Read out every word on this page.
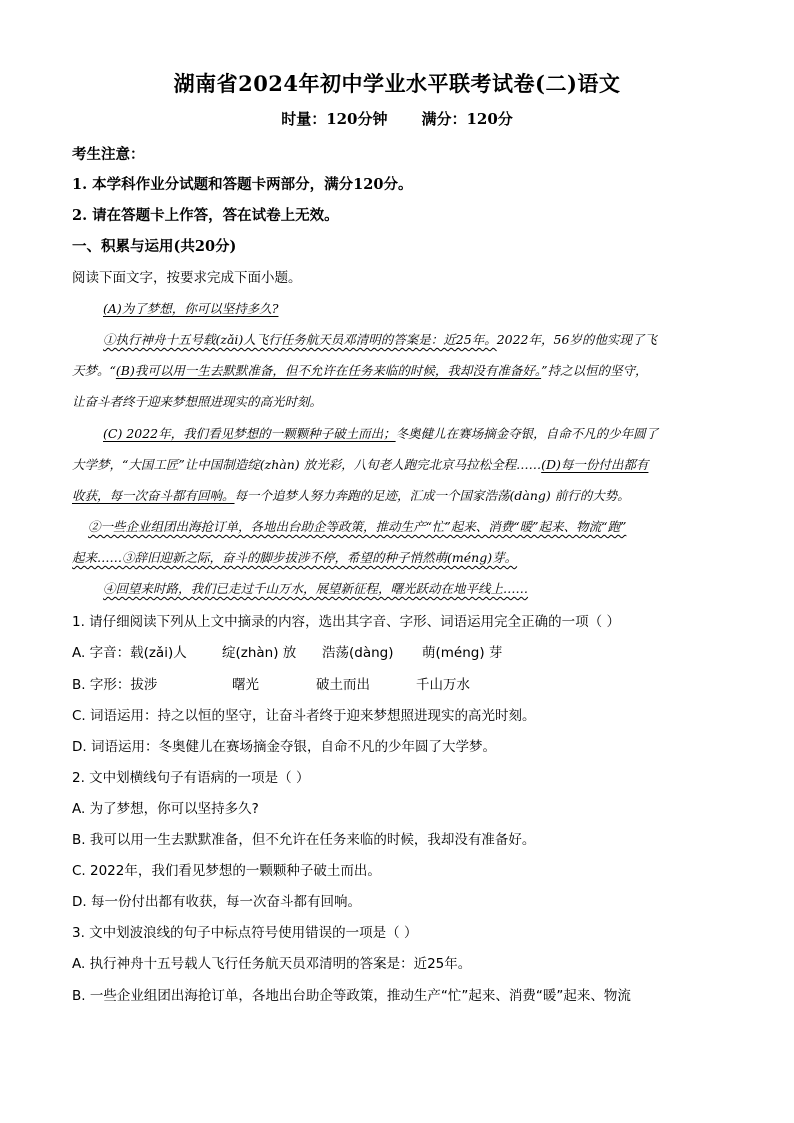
湖南省2024年初中学业水平联考试卷(二)语文
时量：120分钟 满分：120分
考生注意：
1. 本学科作业分试题和答题卡两部分，满分120分。
2. 请在答题卡上作答，答在试卷上无效。
一、积累与运用(共20分)
阅读下面文字，按要求完成下面小题。
(A)为了梦想，你可以坚持多久?
①执行神舟十五号载(zǎi)人飞行任务航天员邓清明的答案是：近25年。2022年，56岁的他实现了飞
天梦。“(B)我可以用一生去默默准备，但不允许在任务来临的时候，我却没有准备好。”持之以恒的坚守，
让奋斗者终于迎来梦想照进现实的高光时刻。
(C) 2022年，我们看见梦想的一颗颗种子破土而出；冬奥健儿在赛场摘金夺银，自命不凡的少年圆了
大学梦，“大国工匠”让中国制造绽(zhàn) 放光彩，八旬老人跑完北京马拉松全程……(D)每一份付出都有
收获，每一次奋斗都有回响。每一个追梦人努力奔跑的足迹，汇成一个国家浩荡(dàng) 前行的大势。
②一些企业组团出海抢订单，各地出台助企等政策，推动生产“忙”起来、消费“暖”起来、物流“跑”
起来……③辞旧迎新之际，奋斗的脚步拔涉不停，希望的种子悄然萌(méng)芽。
④回望来时路，我们已走过千山万水，展望新征程，曙光跃动在地平线上……
1. 请仔细阅读下列从上文中摘录的内容，选出其字音、字形、词语运用完全正确的一项（ ）
A. 字音：载(zǎi)人	绽(zhàn) 放 浩荡(dàng) 萌(méng) 芽
B. 字形：拔涉	曙光	破土而出	千山万水
C. 词语运用：持之以恒的坚守，让奋斗者终于迎来梦想照进现实的高光时刻。
D. 词语运用：冬奥健儿在赛场摘金夺银，自命不凡的少年圆了大学梦。
2. 文中划横线句子有语病的一项是（ ）
A. 为了梦想，你可以坚持多久?
B. 我可以用一生去默默准备，但不允许在任务来临的时候，我却没有准备好。
C. 2022年，我们看见梦想的一颗颗种子破土而出。
D. 每一份付出都有收获，每一次奋斗都有回响。
3. 文中划波浪线的句子中标点符号使用错误的一项是（ ）
A. 执行神舟十五号载人飞行任务航天员邓清明的答案是：近25年。
B. 一些企业组团出海抢订单，各地出台助企等政策，推动生产“忙”起来、消费“暖”起来、物流
